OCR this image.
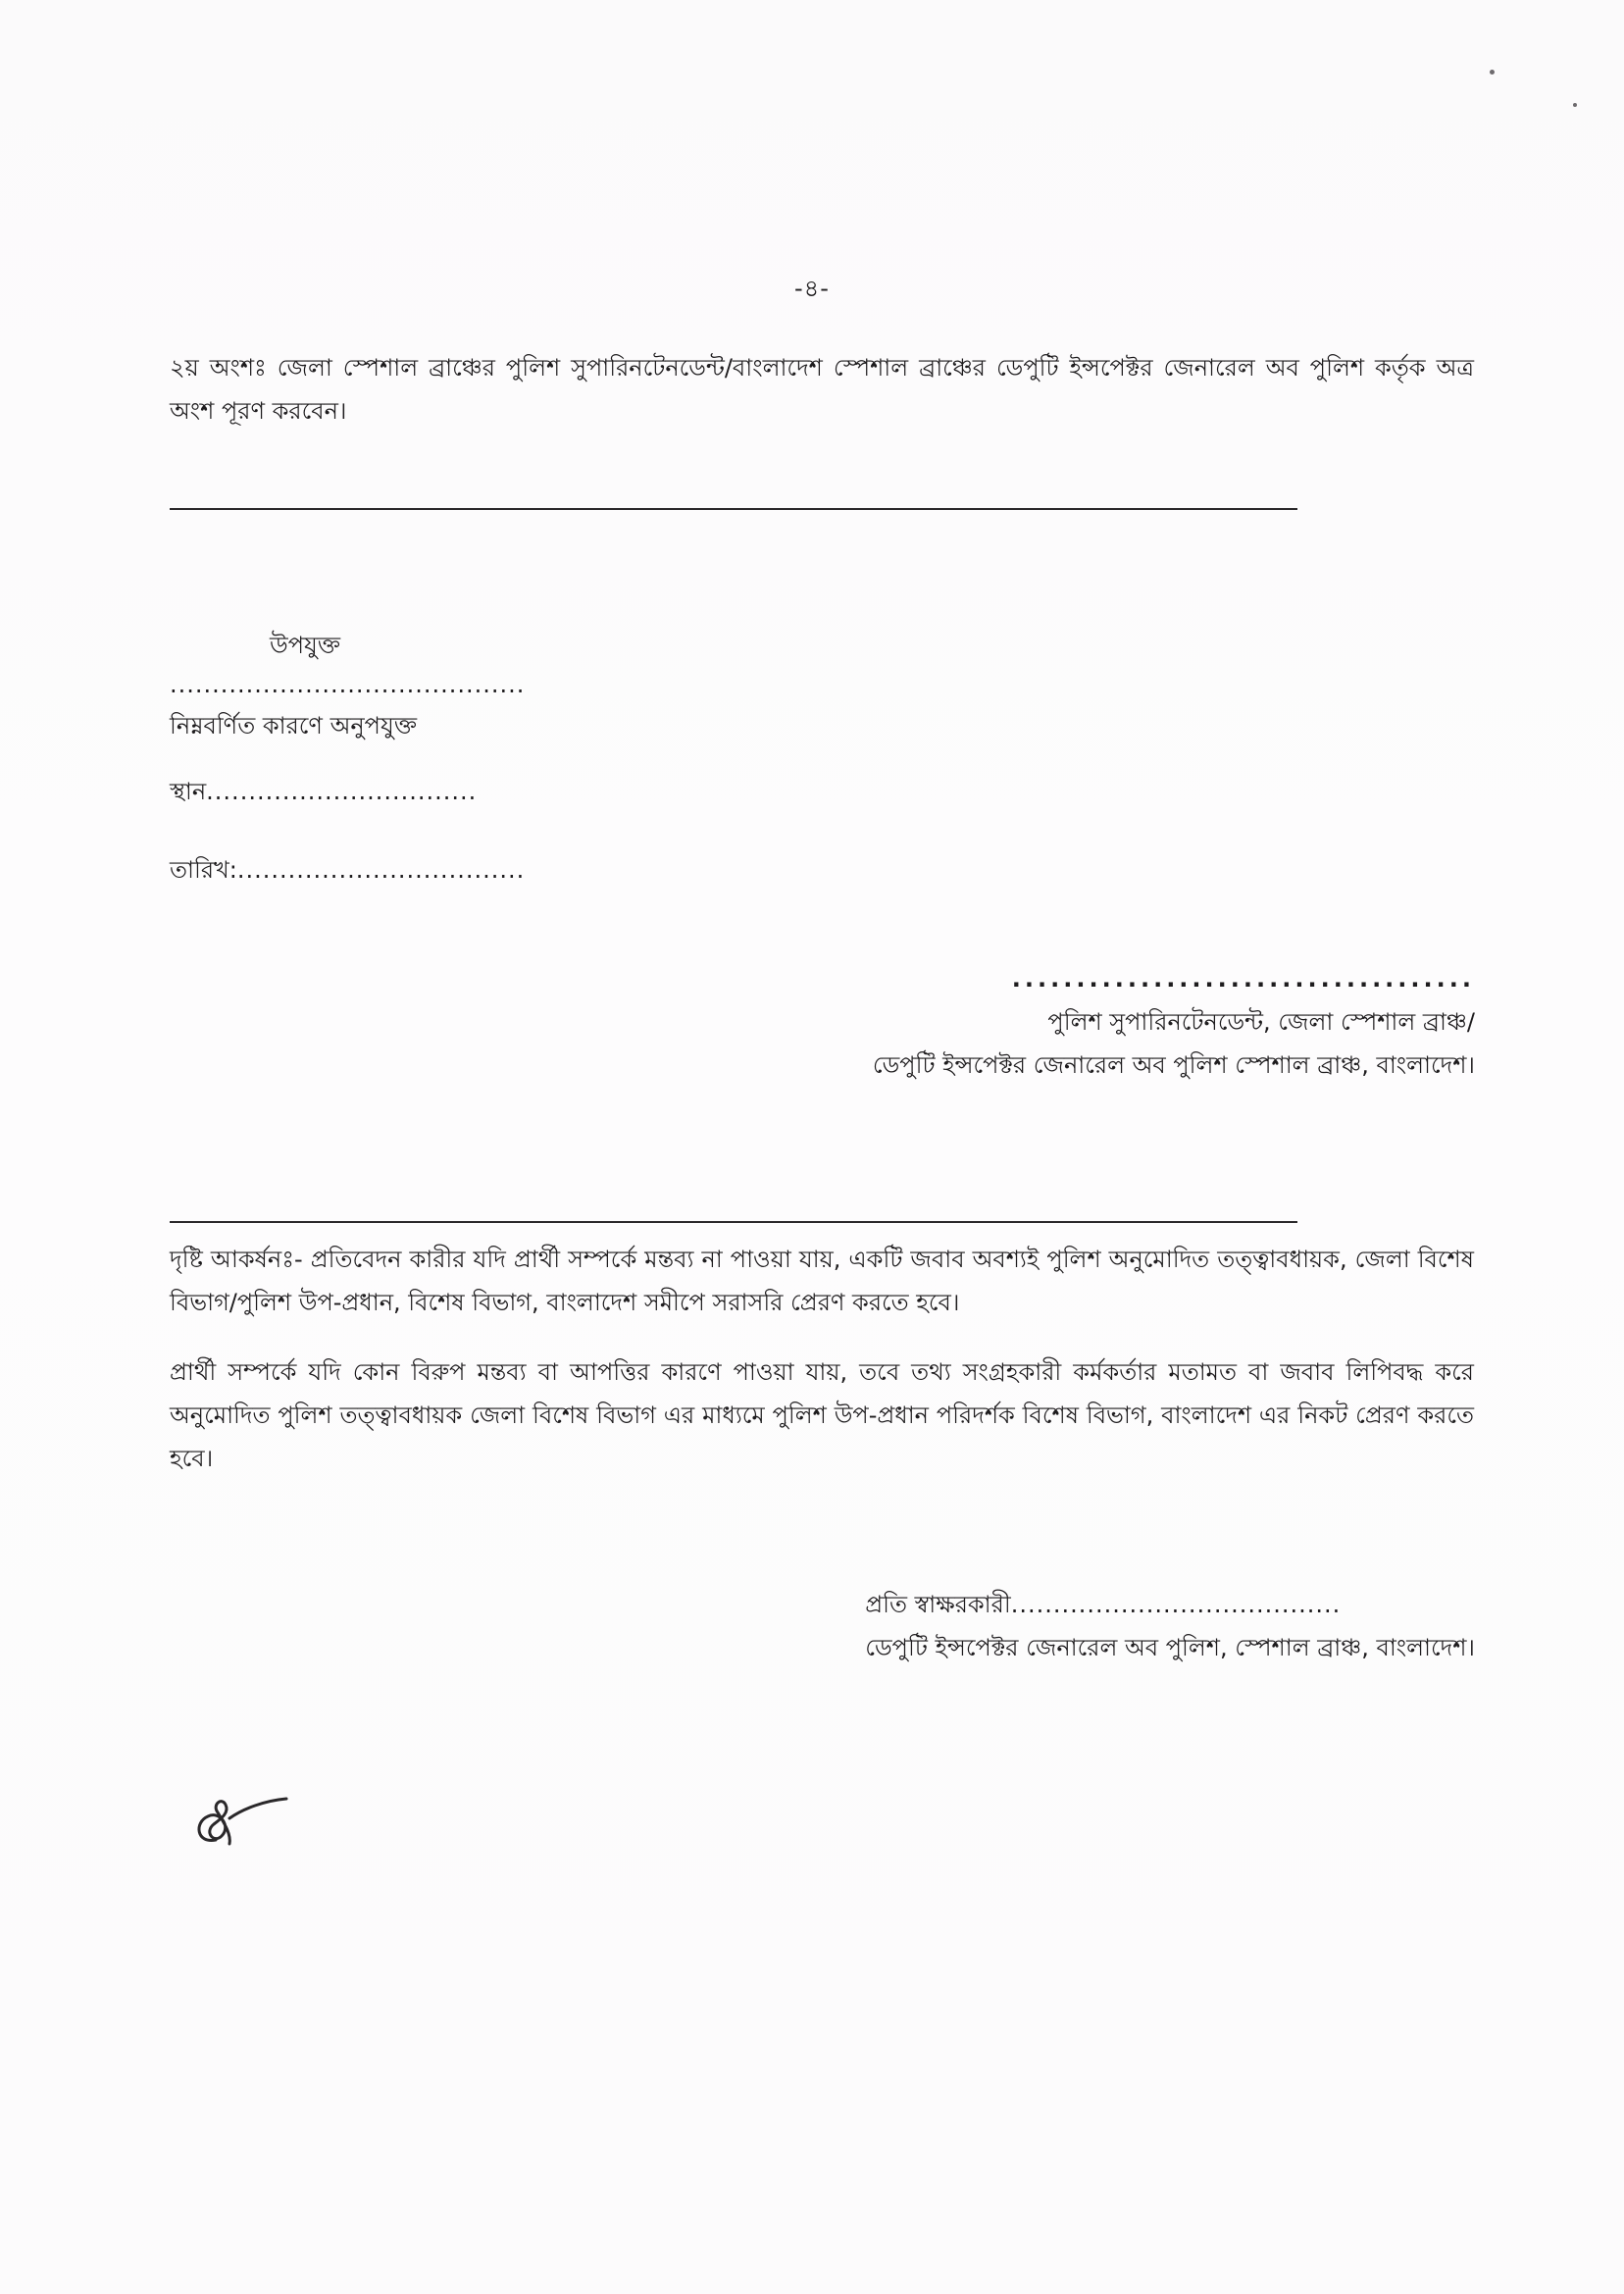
-৪-
২য় অংশঃ জেলা স্পেশাল ব্রাঞ্চের পুলিশ সুপারিনটেনডেন্ট/বাংলাদেশ স্পেশাল ব্রাঞ্চের ডেপুটি ইন্সপেক্টর জেনারেল অব পুলিশ কর্তৃক অত্র অংশ পূরণ করবেন।
উপযুক্ত
..........................................
নিম্নবর্ণিত কারণে অনুপযুক্ত
স্থান................................
তারিখ:..................................
....................................
পুলিশ সুপারিনটেনডেন্ট, জেলা স্পেশাল ব্রাঞ্চ/
ডেপুটি ইন্সপেক্টর জেনারেল অব পুলিশ স্পেশাল ব্রাঞ্চ, বাংলাদেশ।
দৃষ্টি আকর্ষনঃ- প্রতিবেদন কারীর যদি প্রার্থী সম্পর্কে মন্তব্য না পাওয়া যায়, একটি জবাব অবশ্যই পুলিশ অনুমোদিত তত্ত্বাবধায়ক, জেলা বিশেষ বিভাগ/পুলিশ উপ-প্রধান, বিশেষ বিভাগ, বাংলাদেশ সমীপে সরাসরি প্রেরণ করতে হবে।
প্রার্থী সম্পর্কে যদি কোন বিরুপ মন্তব্য বা আপত্তির কারণে পাওয়া যায়, তবে তথ্য সংগ্রহকারী কর্মকর্তার মতামত বা জবাব লিপিবদ্ধ করে অনুমোদিত পুলিশ তত্ত্বাবধায়ক জেলা বিশেষ বিভাগ এর মাধ্যমে পুলিশ উপ-প্রধান পরিদর্শক বিশেষ বিভাগ, বাংলাদেশ এর নিকট প্রেরণ করতে হবে।
প্রতি স্বাক্ষরকারী.......................................
ডেপুটি ইন্সপেক্টর জেনারেল অব পুলিশ, স্পেশাল ব্রাঞ্চ, বাংলাদেশ।
